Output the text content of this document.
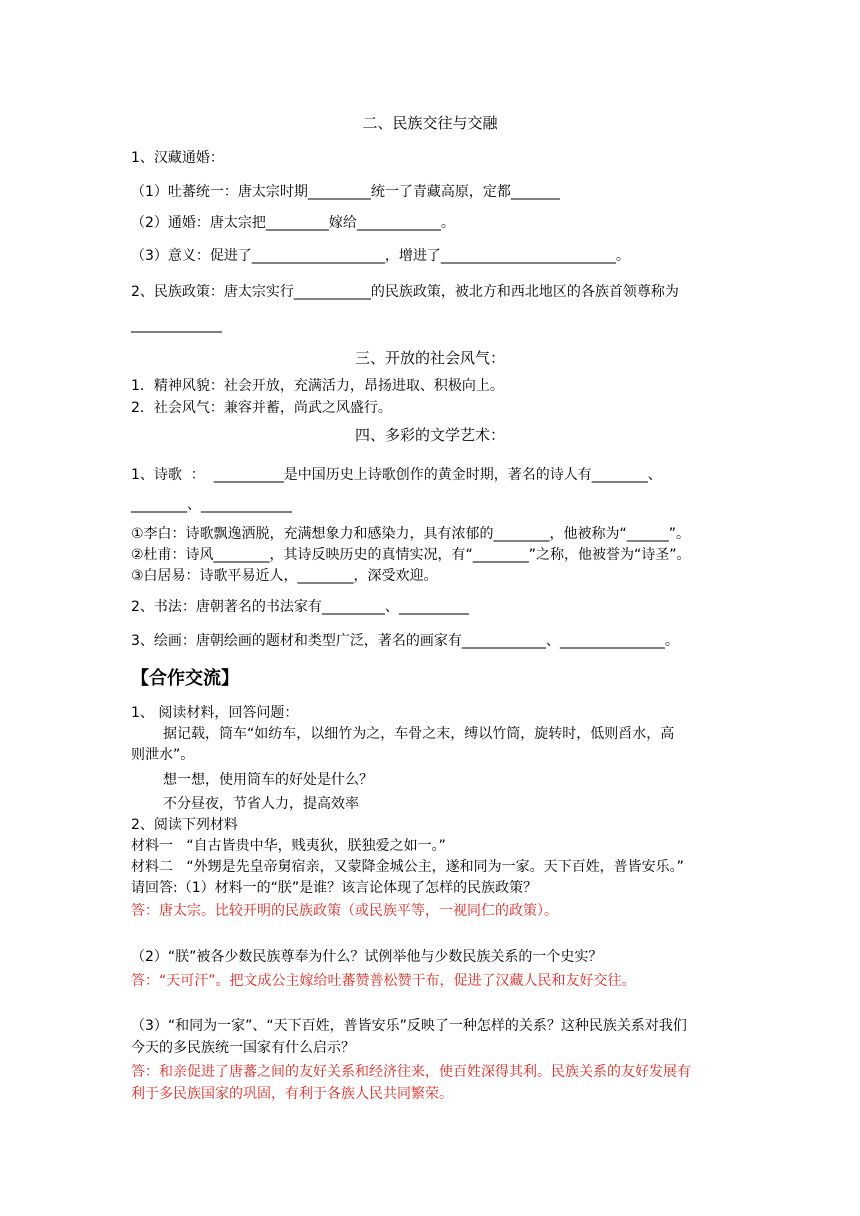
二、民族交往与交融
1、汉藏通婚：
（1）吐蕃统一：唐太宗时期_________统一了青藏高原，定都_______
（2）通婚：唐太宗把_________嫁给____________。
（3）意义：促进了___________________，增进了_________________________。
2、民族政策：唐太宗实行___________的民族政策，被北方和西北地区的各族首领尊称为
_____________
三、开放的社会风气：
1．精神风貌：社会开放，充满活力，昂扬进取、积极向上。
2．社会风气：兼容并蓄，尚武之风盛行。
四、多彩的文学艺术：
1、诗歌  ：  __________是中国历史上诗歌创作的黄金时期，著名的诗人有________、
________、_____________
①李白：诗歌飘逸洒脱，充满想象力和感染力，具有浓郁的________，他被称为“______”。
②杜甫：诗风________，其诗反映历史的真情实况，有“________”之称，他被誉为“诗圣”。
③白居易：诗歌平易近人，________，深受欢迎。
2、书法：唐朝著名的书法家有_________、__________
3、绘画：唐朝绘画的题材和类型广泛，著名的画家有____________、_______________。
【合作交流】
1、 阅读材料，回答问题：
据记载，筒车“如纺车，以细竹为之，车骨之末，缚以竹筒，旋转时，低则舀水，高
则泄水”。
想一想，使用筒车的好处是什么？
不分昼夜，节省人力，提高效率
2、阅读下列材料
材料一   “自古皆贵中华，贱夷狄，朕独爱之如一。”
材料二   “外甥是先皇帝舅宿亲，又蒙降金城公主，遂和同为一家。天下百姓，普皆安乐。”
请回答:（1）材料一的“朕”是谁？该言论体现了怎样的民族政策？
答：唐太宗。比较开明的民族政策（或民族平等，一视同仁的政策）。
（2）“朕”被各少数民族尊奉为什么？试例举他与少数民族关系的一个史实？
答：“天可汗”。把文成公主嫁给吐蕃赞普松赞干布，促进了汉藏人民和友好交往。
（3）“和同为一家”、“天下百姓，普皆安乐”反映了一种怎样的关系？这种民族关系对我们
今天的多民族统一国家有什么启示？
答：和亲促进了唐蕃之间的友好关系和经济往来，使百姓深得其利。民族关系的友好发展有
利于多民族国家的巩固，有利于各族人民共同繁荣。
